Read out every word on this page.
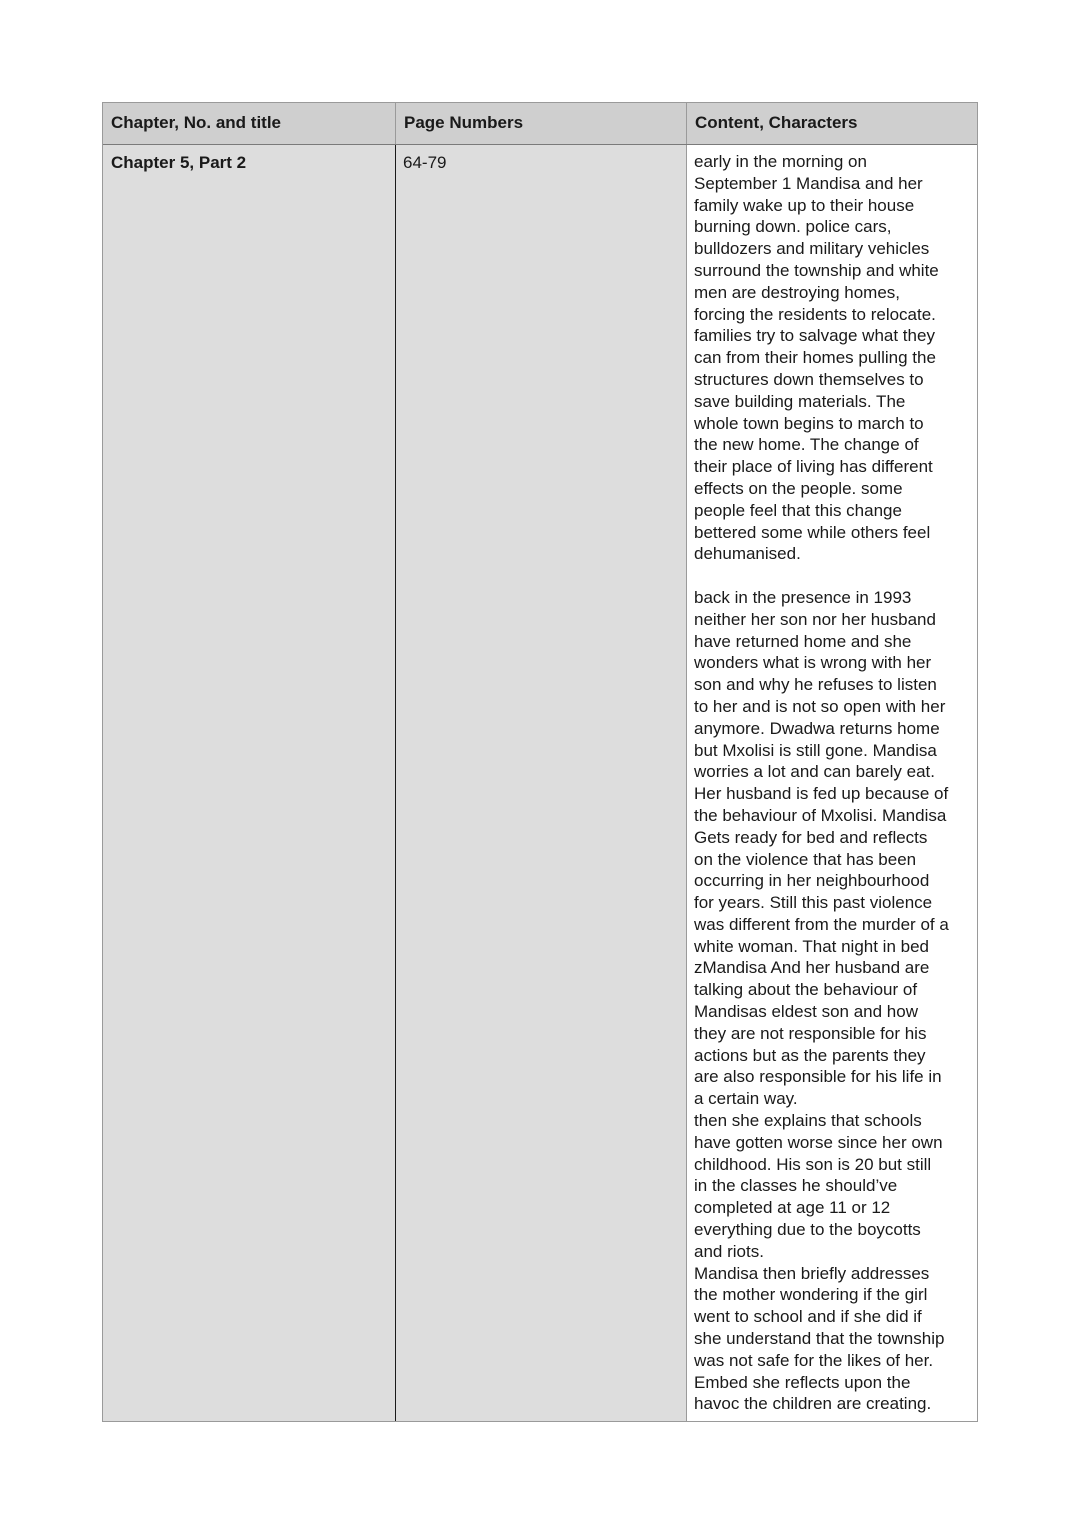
Chapter, No. and title	Page Numbers	Content, Characters
Chapter 5, Part 2	64-79	early in the morning on
September 1 Mandisa and her
family wake up to their house
burning down. police cars,
bulldozers and military vehicles
surround the township and white
men are destroying homes,
forcing the residents to relocate.
families try to salvage what they
can from their homes pulling the
structures down themselves to
save building materials. The
whole town begins to march to
the new home. The change of
their place of living has different
effects on the people. some
people feel that this change
bettered some while others feel
dehumanised.

back in the presence in 1993
neither her son nor her husband
have returned home and she
wonders what is wrong with her
son and why he refuses to listen
to her and is not so open with her
anymore. Dwadwa returns home
but Mxolisi is still gone. Mandisa
worries a lot and can barely eat.
Her husband is fed up because of
the behaviour of Mxolisi. Mandisa
Gets ready for bed and reflects
on the violence that has been
occurring in her neighbourhood
for years. Still this past violence
was different from the murder of a
white woman. That night in bed
zMandisa And her husband are
talking about the behaviour of
Mandisas eldest son and how
they are not responsible for his
actions but as the parents they
are also responsible for his life in
a certain way.
then she explains that schools
have gotten worse since her own
childhood. His son is 20 but still
in the classes he should’ve
completed at age 11 or 12
everything due to the boycotts
and riots.
Mandisa then briefly addresses
the mother wondering if the girl
went to school and if she did if
she understand that the township
was not safe for the likes of her.
Embed she reflects upon the
havoc the children are creating.
